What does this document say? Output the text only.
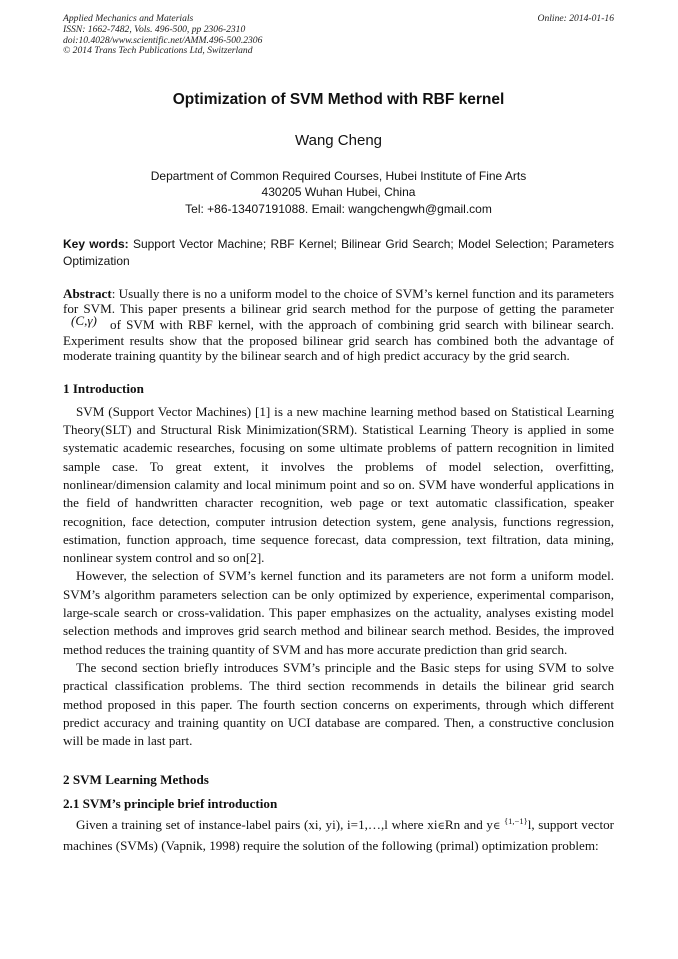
Applied Mechanics and Materials
ISSN: 1662-7482, Vols. 496-500, pp 2306-2310
doi:10.4028/www.scientific.net/AMM.496-500.2306
© 2014 Trans Tech Publications Ltd, Switzerland
Online: 2014-01-16
Optimization of SVM Method with RBF kernel
Wang Cheng
Department of Common Required Courses, Hubei Institute of Fine Arts
430205 Wuhan Hubei, China
Tel: +86-13407191088. Email: wangchengwh@gmail.com
Key words: Support Vector Machine; RBF Kernel; Bilinear Grid Search; Model Selection; Parameters Optimization
Abstract: Usually there is no a uniform model to the choice of SVM’s kernel function and its parameters for SVM. This paper presents a bilinear grid search method for the purpose of getting the parameter (C,γ) of SVM with RBF kernel, with the approach of combining grid search with bilinear search. Experiment results show that the proposed bilinear grid search has combined both the advantage of moderate training quantity by the bilinear search and of high predict accuracy by the grid search.
1 Introduction

SVM (Support Vector Machines) [1] is a new machine learning method based on Statistical Learning Theory(SLT) and Structural Risk Minimization(SRM). Statistical Learning Theory is applied in some systematic academic researches, focusing on some ultimate problems of pattern recognition in limited sample case. To great extent, it involves the problems of model selection, overfitting, nonlinear/dimension calamity and local minimum point and so on. SVM have wonderful applications in the field of handwritten character recognition, web page or text automatic classification, speaker recognition, face detection, computer intrusion detection system, gene analysis, functions regression, estimation, function approach, time sequence forecast, data compression, text filtration, data mining, nonlinear system control and so on[2].

However, the selection of SVM’s kernel function and its parameters are not form a uniform model. SVM’s algorithm parameters selection can be only optimized by experience, experimental comparison, large-scale search or cross-validation. This paper emphasizes on the actuality, analyses existing model selection methods and improves grid search method and bilinear search method. Besides, the improved method reduces the training quantity of SVM and has more accurate prediction than grid search.

The second section briefly introduces SVM’s principle and the Basic steps for using SVM to solve practical classification problems. The third section recommends in details the bilinear grid search method proposed in this paper. The fourth section concerns on experiments, through which different predict accuracy and training quantity on UCI database are compared. Then, a constructive conclusion will be made in last part.

2 SVM Learning Methods
2.1 SVM’s principle brief introduction

Given a training set of instance-label pairs (xi, yi), i=1,…,l where xi∈Rn and y∈ $^{\{1,-1\}}$l, support vector machines (SVMs) (Vapnik, 1998) require the solution of the following (primal) optimization problem:
